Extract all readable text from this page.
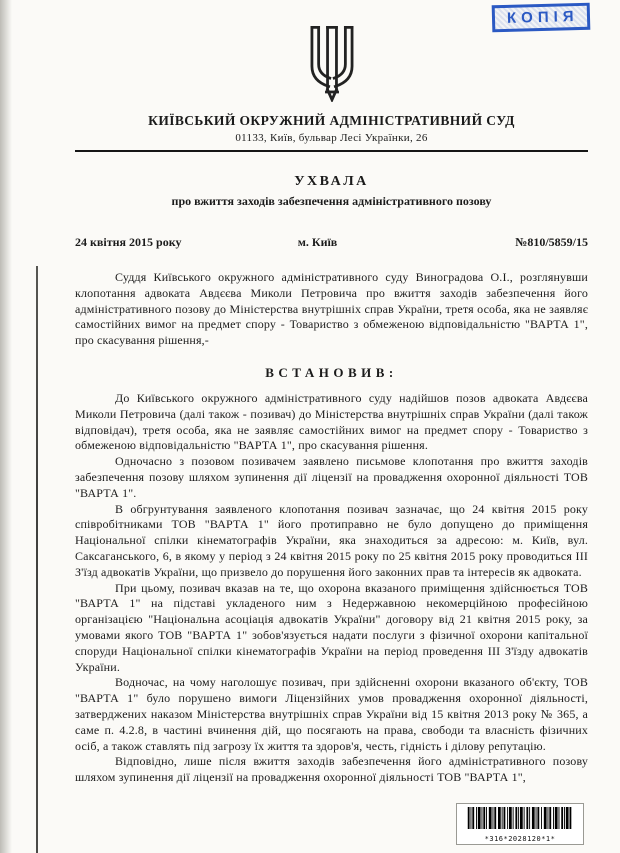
КОПІЯ
КИЇВСЬКИЙ ОКРУЖНИЙ АДМІНІСТРАТИВНИЙ СУД
01133, Київ, бульвар Лесі Українки, 26
УХВАЛА
про вжиття заходів забезпечення адміністративного позову
24 квітня 2015 року	м. Київ	№810/5859/15

Суддя Київського окружного адміністративного суду Виноградова О.І., розглянувши клопотання адвоката Авдєєва Миколи Петровича про вжиття заходів забезпечення його адміністративного позову до Міністерства внутрішніх справ України, третя особа, яка не заявляє самостійних вимог на предмет спору - Товариство з обмеженою відповідальністю "ВАРТА 1", про скасування рішення,-

ВСТАНОВИВ:

До Київського окружного адміністративного суду надійшов позов адвоката Авдєєва Миколи Петровича (далі також - позивач) до Міністерства внутрішніх справ України (далі також відповідач), третя особа, яка не заявляє самостійних вимог на предмет спору - Товариство з обмеженою відповідальністю "ВАРТА 1", про скасування рішення.

Одночасно з позовом позивачем заявлено письмове клопотання про вжиття заходів забезпечення позову шляхом зупинення дії ліцензії на провадження охоронної діяльності ТОВ "ВАРТА 1".

В обгрунтування заявленого клопотання позивач зазначає, що 24 квітня 2015 року співробітниками ТОВ "ВАРТА 1" його протиправно не було допущено до приміщення Національної спілки кінематографів України, яка знаходиться за адресою: м. Київ, вул. Саксаганського, 6, в якому у період з 24 квітня 2015 року по 25 квітня 2015 року проводиться ІІІ З'їзд адвокатів України, що призвело до порушення його законних прав та інтересів як адвоката.

При цьому, позивач вказав на те, що охорона вказаного приміщення здійснюється ТОВ "ВАРТА 1" на підставі укладеного ним з Недержавною некомерційною професійною організацією "Національна асоціація адвокатів України" договору від 21 квітня 2015 року, за умовами якого ТОВ "ВАРТА 1" зобов'язується надати послуги з фізичної охорони капітальної споруди Національної спілки кінематографів України на період проведення ІІІ З'їзду адвокатів України.

Водночас, на чому наголошує позивач, при здійсненні охорони вказаного об'єкту, ТОВ "ВАРТА 1" було порушено вимоги Ліцензійних умов провадження охоронної діяльності, затверджених наказом Міністерства внутрішніх справ України від 15 квітня 2013 року № 365, а саме п. 4.2.8, в частині вчинення дій, що посягають на права, свободи та власність фізичних осіб, а також ставлять під загрозу їх життя та здоров'я, честь, гідність і ділову репутацію.

Відповідно, лише після вжиття заходів забезпечення його адміністративного позову шляхом зупинення дії ліцензії на провадження охоронної діяльності ТОВ "ВАРТА 1",

*316*2028120*1*
